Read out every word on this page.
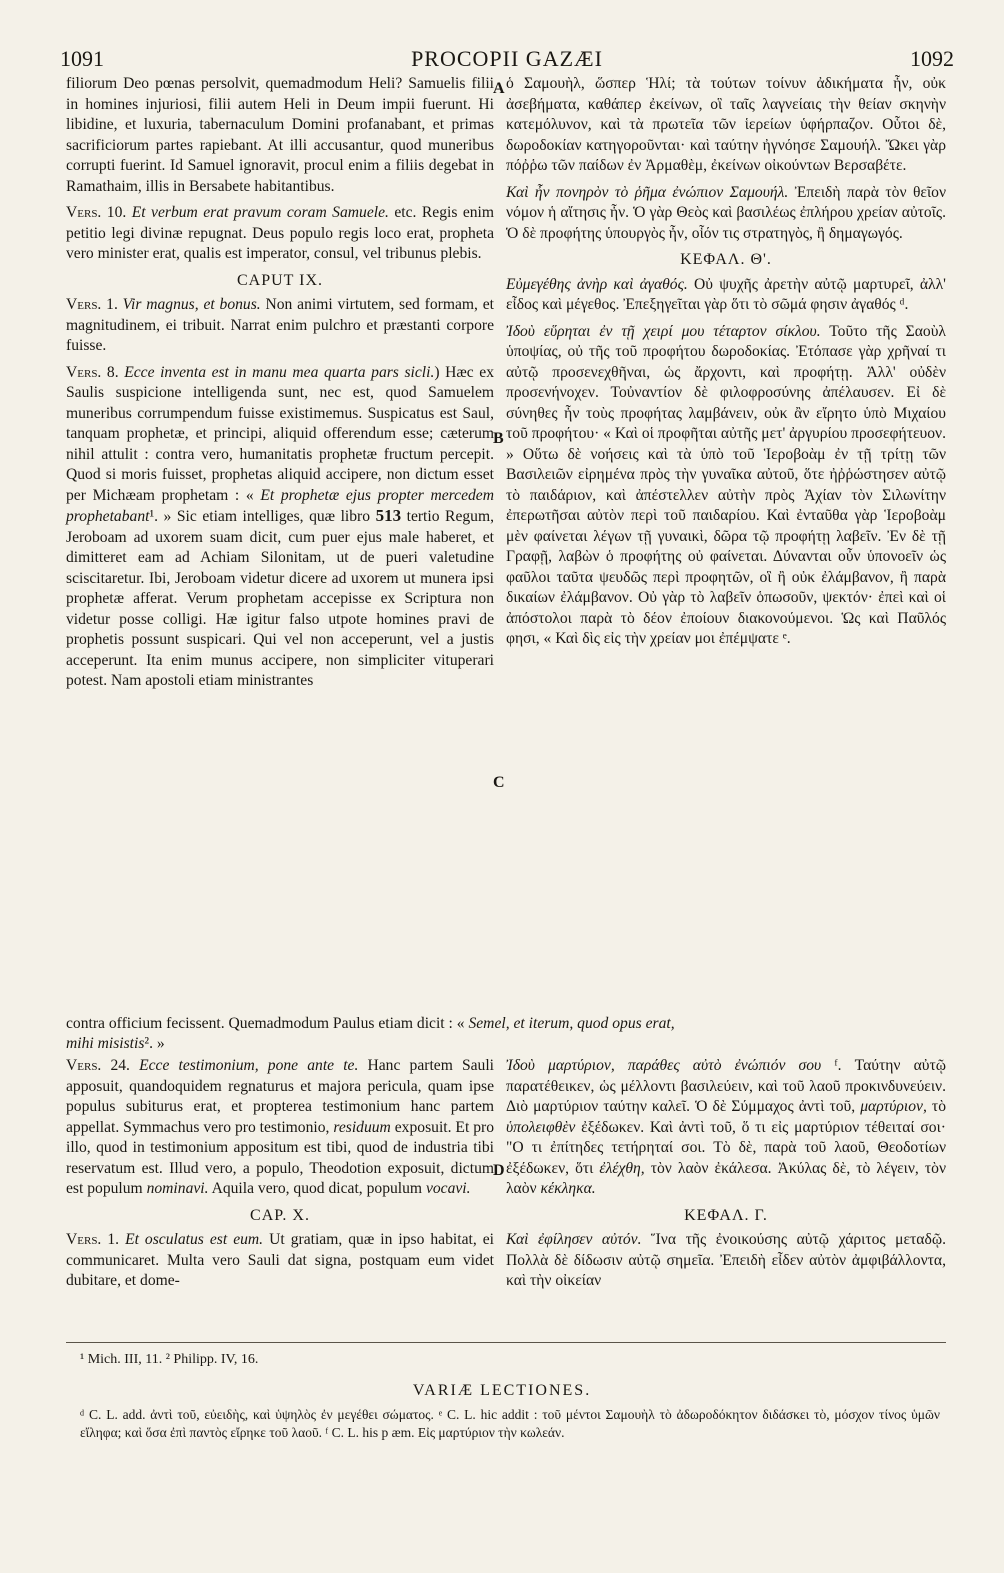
1091	PROCOPII GAZÆI	1092

filiorum Deo pœnas persolvit, quemadmodum Heli? Samuelis filii in homines injuriosi, filii autem Heli in Deum impii fuerunt. Hi libidine, et luxuria, tabernaculum Domini profanabant, et primas sacrificiorum partes rapiebant. At illi accusantur, quod muneribus corrupti fuerint. Id Samuel ignoravit, procul enim a filiis degebat in Ramathaim, illis in Bersabete habitantibus.

Vers. 10. Et verbum erat pravum coram Samuele. etc. Regis enim petitio legi divinæ repugnat. Deus populo regis loco erat, propheta vero minister erat, qualis est imperator, consul, vel tribunus plebis.

CAPUT IX.

Vers. 1. Vir magnus, et bonus. Non animi virtutem, sed formam, et magnitudinem, ei tribuit. Narrat enim pulchro et præstanti corpore fuisse.

Vers. 8. Ecce inventa est in manu mea quarta pars sicli.) Hæc ex Saulis suspicione intelligenda sunt, nec est, quod Samuelem muneribus corrumpendum fuisse existimemus. Suspicatus est Saul, tanquam prophetæ, et principi, aliquid offerendum esse; cæterum nihil attulit : contra vero, humanitatis prophetæ fructum percepit. Quod si moris fuisset, prophetas aliquid accipere, non dictum esset per Michæam prophetam : « Et prophetæ ejus propter mercedem prophetabant¹. » Sic etiam intelliges, quæ libro 513 tertio Regum, Jeroboam ad uxorem suam dicit, cum puer ejus male haberet, et dimitteret eam ad Achiam Silonitam, ut de pueri valetudine sciscitaretur. Ibi, Jeroboam videtur dicere ad uxorem ut munera ipsi prophetæ afferat. Verum prophetam accepisse ex Scriptura non videtur posse colligi. Hæ igitur falso utpote homines pravi de prophetis possunt suspicari. Qui vel non acceperunt, vel a justis acceperunt. Ita enim munus accipere, non simpliciter vituperari potest. Nam apostoli etiam ministrantes

ὁ Σαμουὴλ, ὥσπερ Ἡλί; τὰ τούτων τοίνυν ἀδικήματα ἦν, οὐκ ἀσεβήματα, καθάπερ ἐκείνων, οἳ ταῖς λαγνείαις τὴν θείαν σκηνὴν κατεμόλυνον, καὶ τὰ πρωτεῖα τῶν ἱερείων ὑφήρπαζον. Οὗτοι δὲ, δωροδοκίαν κατηγοροῦνται· καὶ ταύτην ἠγνόησε Σαμουήλ. Ὤκει γὰρ πόῤῥω τῶν παίδων ἐν Ἀρμαθὲμ, ἐκείνων οἰκούντων Βερσαβέτε.

Καὶ ἦν πονηρὸν τὸ ῥῆμα ἐνώπιον Σαμουήλ. Ἐπειδὴ παρὰ τὸν θεῖον νόμον ἡ αἴτησις ἦν. Ὁ γὰρ Θεὸς καὶ βασιλέως ἐπλήρου χρείαν αὐτοῖς. Ὁ δὲ προφήτης ὑπουργὸς ἦν, οἷόν τις στρατηγὸς, ἢ δημαγωγός.

ΚΕΦΑΛ. Θ'.

Εὐμεγέθης ἀνὴρ καὶ ἀγαθός. Οὐ ψυχῆς ἀρετὴν αὐτῷ μαρτυρεῖ, ἀλλ' εἶδος καὶ μέγεθος. Ἐπεξηγεῖται γὰρ ὅτι τὸ σῶμά φησιν ἀγαθός ᵈ.

Ἰδοὺ εὕρηται ἐν τῇ χειρί μου τέταρτον σίκλου. Τοῦτο τῆς Σαοὺλ ὑποψίας, οὐ τῆς τοῦ προφήτου δωροδοκίας. Ἐτόπασε γὰρ χρῆναί τι αὐτῷ προσενεχθῆναι, ὡς ἄρχοντι, καὶ προφήτῃ. Ἀλλ' οὐδὲν προσενήνοχεν. Τοὐναντίον δὲ φιλοφροσύνης ἀπέλαυσεν. Εἰ δὲ σύνηθες ἦν τοὺς προφήτας λαμβάνειν, οὐκ ἂν εἴρητο ὑπὸ Μιχαίου τοῦ προφήτου· « Καὶ οἱ προφῆται αὐτῆς μετ' ἀργυρίου προσεφήτευον. » Οὕτω δὲ νοήσεις καὶ τὰ ὑπὸ τοῦ Ἱεροβοὰμ ἐν τῇ τρίτῃ τῶν Βασιλειῶν εἰρημένα πρὸς τὴν γυναῖκα αὐτοῦ, ὅτε ἠῤῥώστησεν αὐτῷ τὸ παιδάριον, καὶ ἀπέστελλεν αὐτὴν πρὸς Ἀχίαν τὸν Σιλωνίτην ἐπερωτῆσαι αὐτὸν περὶ τοῦ παιδαρίου. Καὶ ἐνταῦθα γὰρ Ἱεροβοὰμ μὲν φαίνεται λέγων τῇ γυναικὶ, δῶρα τῷ προφήτῃ λαβεῖν. Ἐν δὲ τῇ Γραφῇ, λαβὼν ὁ προφήτης οὐ φαίνεται. Δύνανται οὖν ὑπονοεῖν ὡς φαῦλοι ταῦτα ψευδῶς περὶ προφητῶν, οἳ ἢ οὐκ ἐλάμβανον, ἢ παρὰ δικαίων ἐλάμβανον. Οὐ γὰρ τὸ λαβεῖν ὁπωσοῦν, ψεκτόν· ἐπεὶ καὶ οἱ ἀπόστολοι παρὰ τὸ δέον ἐποίουν διακονούμενοι. Ὡς καὶ Παῦλός φησι, « Καὶ δὶς εἰς τὴν χρείαν μοι ἐπέμψατε ᵉ.

A
B
C
D
contra officium fecissent. Quemadmodum Paulus etiam dicit : « Semel, et iterum, quod opus erat,
mihi misistis². »

Vers. 24. Ecce testimonium, pone ante te. Hanc partem Sauli apposuit, quandoquidem regnaturus et majora pericula, quam ipse populus subiturus erat, et propterea testimonium hanc partem appellat. Symmachus vero pro testimonio, residuum exposuit. Et pro illo, quod in testimonium appositum est tibi, quod de industria tibi reservatum est. Illud vero, a populo, Theodotion exposuit, dictum est populum nominavi. Aquila vero, quod dicat, populum vocavi.

CAP. X.

Vers. 1. Et osculatus est eum. Ut gratiam, quæ in ipso habitat, ei communicaret. Multa vero Sauli dat signa, postquam eum videt dubitare, et dome-

Ἰδοὺ μαρτύριον, παράθες αὐτὸ ἐνώπιόν σου ᶠ. Ταύτην αὐτῷ παρατέθεικεν, ὡς μέλλοντι βασιλεύειν, καὶ τοῦ λαοῦ προκινδυνεύειν. Διὸ μαρτύριον ταύτην καλεῖ. Ὁ δὲ Σύμμαχος ἀντὶ τοῦ, μαρτύριον, τὸ ὑπολειφθὲν ἐξέδωκεν. Καὶ ἀντὶ τοῦ, ὅ τι εἰς μαρτύριον τέθειταί σοι· "Ο τι ἐπίτηδες τετήρηταί σοι. Τὸ δὲ, παρὰ τοῦ λαοῦ, Θεοδοτίων ἐξέδωκεν, ὅτι ἐλέχθη, τὸν λαὸν ἐκάλεσα. Ἀκύλας δὲ, τὸ λέγειν, τὸν λαὸν κέκληκα.

ΚΕΦΑΛ. Γ.

Καὶ ἐφίλησεν αὐτόν. Ἵνα τῆς ἐνοικούσης αὐτῷ χάριτος μεταδῷ. Πολλὰ δὲ δίδωσιν αὐτῷ σημεῖα. Ἐπειδὴ εἶδεν αὐτὸν ἀμφιβάλλοντα, καὶ τὴν οἰκείαν

¹ Mich. III, 11. ² Philipp. IV, 16.
VARIÆ LECTIONES.
ᵈ C. L. add. ἀντὶ τοῦ, εὐειδὴς, καὶ ὑψηλὸς ἐν μεγέθει σώματος. ᵉ C. L. hic addit : τοῦ μέντοι Σαμουὴλ τὸ ἀδωροδόκητον διδάσκει τὸ, μόσχον τίνος ὑμῶν εἴληφα; καὶ ὅσα ἐπὶ παντὸς εἴρηκε τοῦ λαοῦ. ᶠ C. L. his p æm. Εἰς μαρτύριον τὴν κωλεάν.
